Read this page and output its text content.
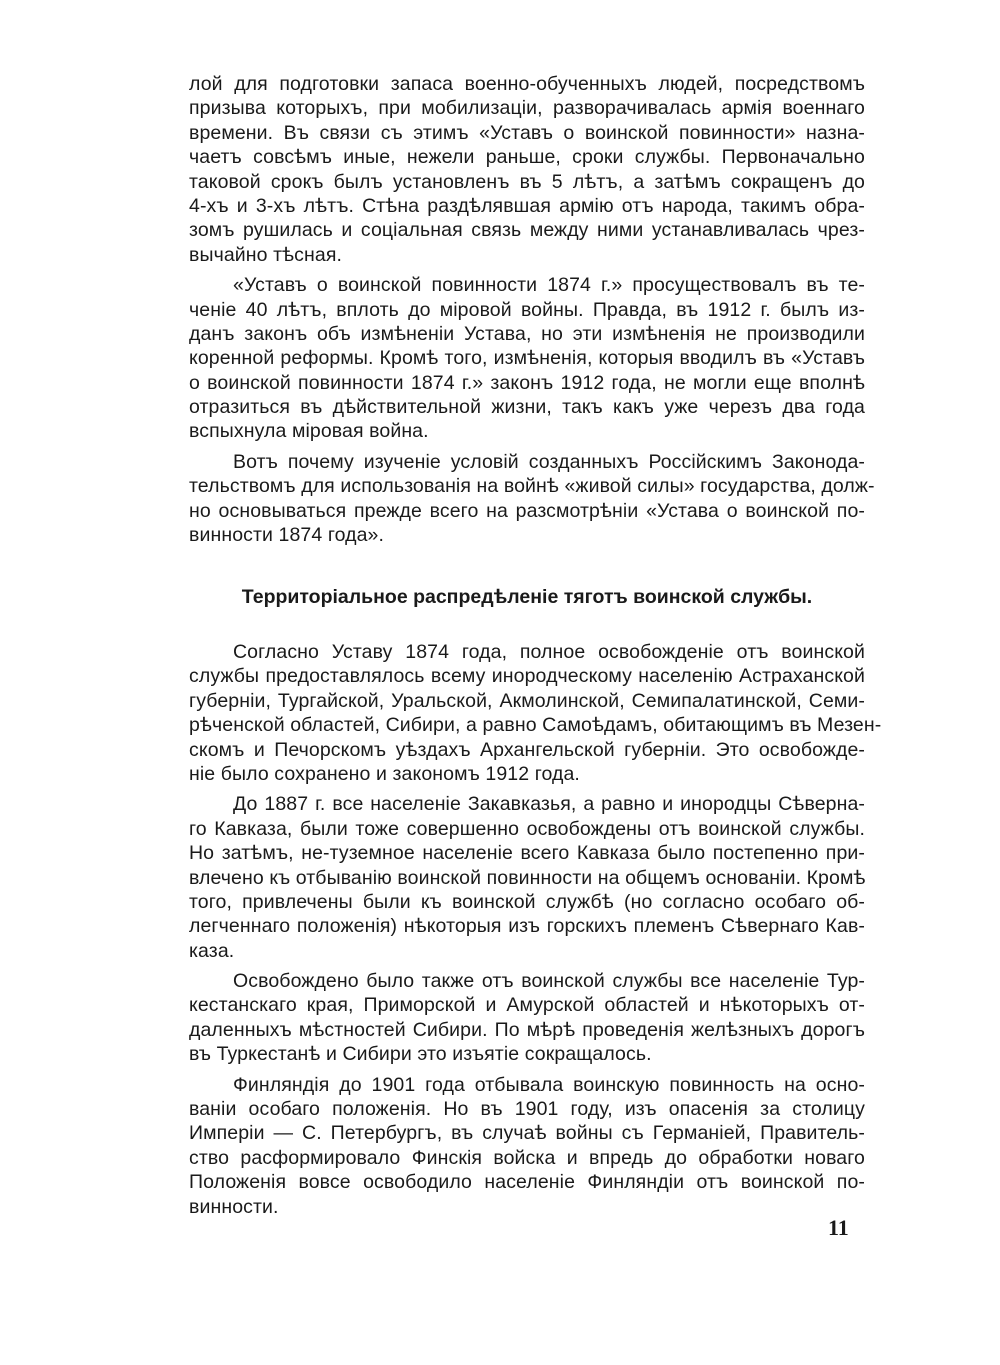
лой для подготовки запаса военно-обученныхъ людей, посредствомъ
призыва которыхъ, при мобилизаціи, разворачивалась армія военнаго
времени. Въ связи съ этимъ «Уставъ о воинской повинности» назна-
чаетъ совсѣмъ иные, нежели раньше, сроки службы. Первоначально
таковой срокъ былъ установленъ въ 5 лѣтъ, а затѣмъ сокращенъ до
4-хъ и 3-хъ лѣтъ. Стѣна раздѣлявшая армію отъ народа, такимъ обра-
зомъ рушилась и соціальная связь между ними устанавливалась чрез-
вычайно тѣсная.
«Уставъ о воинской повинности 1874 г.» просуществовалъ въ те-
ченіе 40 лѣтъ, вплоть до міровой войны. Правда, въ 1912 г. былъ из-
данъ законъ объ измѣненіи Устава, но эти измѣненія не производили
коренной реформы. Кромѣ того, измѣненія, которыя вводилъ въ «Уставъ
о воинской повинности 1874 г.» законъ 1912 года, не могли еще вполнѣ
отразиться въ дѣйствительной жизни, такъ какъ уже черезъ два года
вспыхнула міровая война.
Вотъ почему изученіе условій созданныхъ Россійскимъ Законода-
тельствомъ для использованія на войнѣ «живой силы» государства, долж-
но основываться прежде всего на разсмотрѣніи «Устава о воинской по-
винности 1874 года».
Территоріальное распредѣленіе тяготъ воинской службы.
Согласно Уставу 1874 года, полное освобожденіе отъ воинской
службы предоставлялось всему инородческому населенію Астраханской
губерніи, Тургайской, Уральской, Акмолинской, Семипалатинской, Семи-
рѣченской областей, Сибири, а равно Самоѣдамъ, обитающимъ въ Мезен-
скомъ и Печорскомъ уѣздахъ Архангельской губерніи. Это освобожде-
ніе было сохранено и закономъ 1912 года.
До 1887 г. все населеніе Закавказья, а равно и инородцы Сѣверна-
го Кавказа, были тоже совершенно освобождены отъ воинской службы.
Но затѣмъ, не-туземное населеніе всего Кавказа было постепенно при-
влечено къ отбыванію воинской повинности на общемъ основаніи. Кромѣ
того, привлечены были къ воинской службѣ (но согласно особаго об-
легченнаго положенія) нѣкоторыя изъ горскихъ племенъ Сѣвернаго Кав-
каза.
Освобождено было также отъ воинской службы все населеніе Тур-
кестанскаго края, Приморской и Амурской областей и нѣкоторыхъ от-
даленныхъ мѣстностей Сибири. По мѣрѣ проведенія желѣзныхъ дорогъ
въ Туркестанѣ и Сибири это изъятіе сокращалось.
Финляндія до 1901 года отбывала воинскую повинность на осно-
ваніи особаго положенія. Но въ 1901 году, изъ опасенія за столицу
Имперіи — С. Петербургъ, въ случаѣ войны съ Германіей, Правитель-
ство расформировало Финскія войска и впредь до обработки новаго
Положенія вовсе освободило населеніе Финляндіи отъ воинской по-
винности.
11
